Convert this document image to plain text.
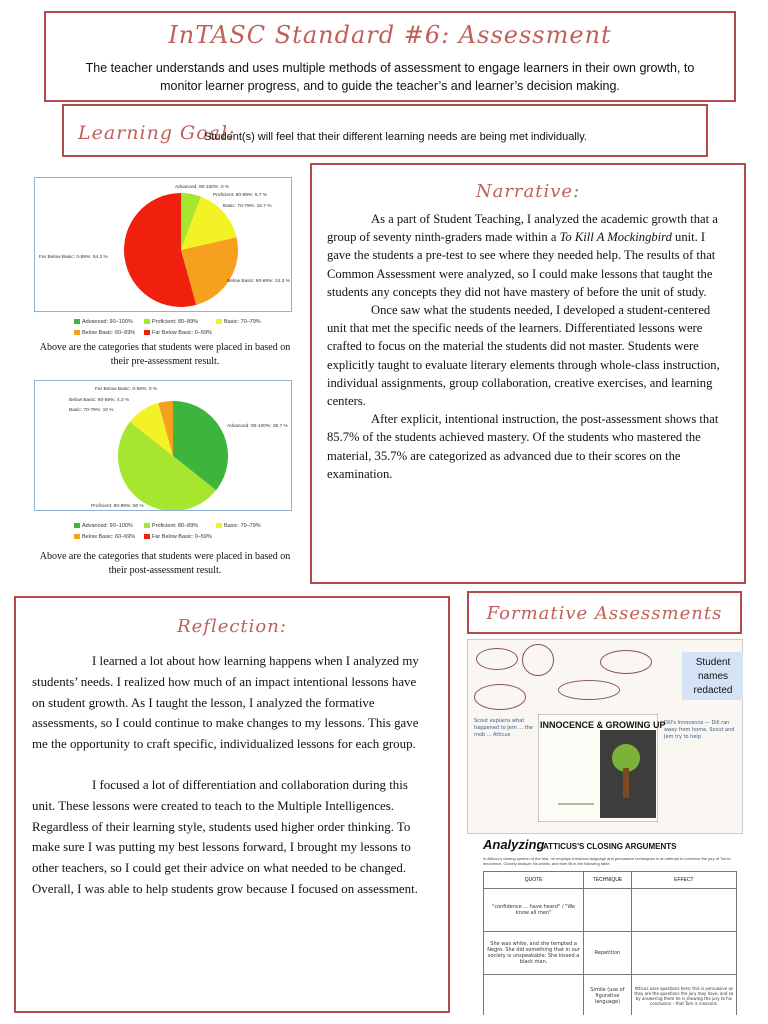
InTASC Standard #6: Assessment
The teacher understands and uses multiple methods of assessment to engage learners in their own growth, to monitor learner progress, and to guide the teacher’s and learner’s decision making.
Learning Goal:
Student(s) will feel that their different learning needs are being met individually.
Advanced: 90-100%: 0 %
Proficient: 80-89%: 5.7 %
Basic: 70-79%: 15.7 %
Below Basic: 60-69%: 24.3 %
Far Below Basic: 0-59%: 54.3 %
Advanced: 90–100%	Proficient: 80–89%	Basic: 70–79%
Below Basic: 60–69%	Far Below Basic: 0–59%
Above are the categories that students were placed in based on their pre-assessment result.
Advanced: 90-100%: 35.7 %
Proficient: 80-89%: 50 %
Basic: 70-79%: 10 %
Below Basic: 60-69%: 4.3 %
Far Below Basic: 0-59%: 0 %
Advanced: 90–100%	Proficient: 80–89%	Basic: 70–79%
Below Basic: 60–69%	Far Below Basic: 0–59%
Above are the categories that students were placed in based on their post-assessment result.
Narrative:

As a part of Student Teaching, I analyzed the academic growth that a group of seventy ninth-graders made within a To Kill A Mockingbird unit. I gave the students a pre-test to see where they needed help. The results of that Common Assessment were analyzed, so I could make lessons that taught the students any concepts they did not have mastery of before the unit of study.

Once saw what the students needed, I developed a student-centered unit that met the specific needs of the learners. Differentiated lessons were crafted to focus on the material the students did not master. Students were explicitly taught to evaluate literary elements through whole-class instruction, individual assignments, group collaboration, creative exercises, and learning centers.

After explicit, intentional instruction, the post-assessment shows that 85.7% of the students achieved mastery. Of the students who mastered the material, 35.7% are categorized as advanced due to their scores on the examination.

Reflection:

I learned a lot about how learning happens when I analyzed my students’ needs. I realized how much of an impact intentional lessons have on student growth. As I taught the lesson, I analyzed the formative assessments, so I could continue to make changes to my lessons. This gave me the opportunity to craft specific, individualized lessons for each group.

I focused a lot of differentiation and collaboration during this unit. These lessons were created to teach to the Multiple Intelligences. Regardless of their learning style, students used higher order thinking. To make sure I was putting my best lessons forward, I brought my lessons to other teachers, so I could get their advice on what needed to be changed. Overall, I was able to help students grow because I focused on assessment.

Formative Assessments
Scout explains what happened to Jem ... the mob ... Atticus
Dill's Innocence — Dill ran away from home, Scout and Jem try to help
INNOCENCE & GROWING UP
Student names redacted
Analyzing
ATTICUS'S CLOSING ARGUMENTS
In Atticus's closing speech of the trial, he employs rhetorical language and persuasive techniques in an attempt to convince the jury of Tom's innocence. Closely analyze his words, and then fill in the following table.
QUOTE	TECHNIQUE	EFFECT
"confidence ... have heard" / "We know all men"		
She was white, and she tempted a Negro. She did something that in our society is unspeakable: She kissed a black man.	Repetition	
	Simile (use of figurative language)	Atticus uses questions here; this is persuasive as they are the questions the jury may have, and so by answering them he is showing the jury to his conclusion – that Tom is innocent.
